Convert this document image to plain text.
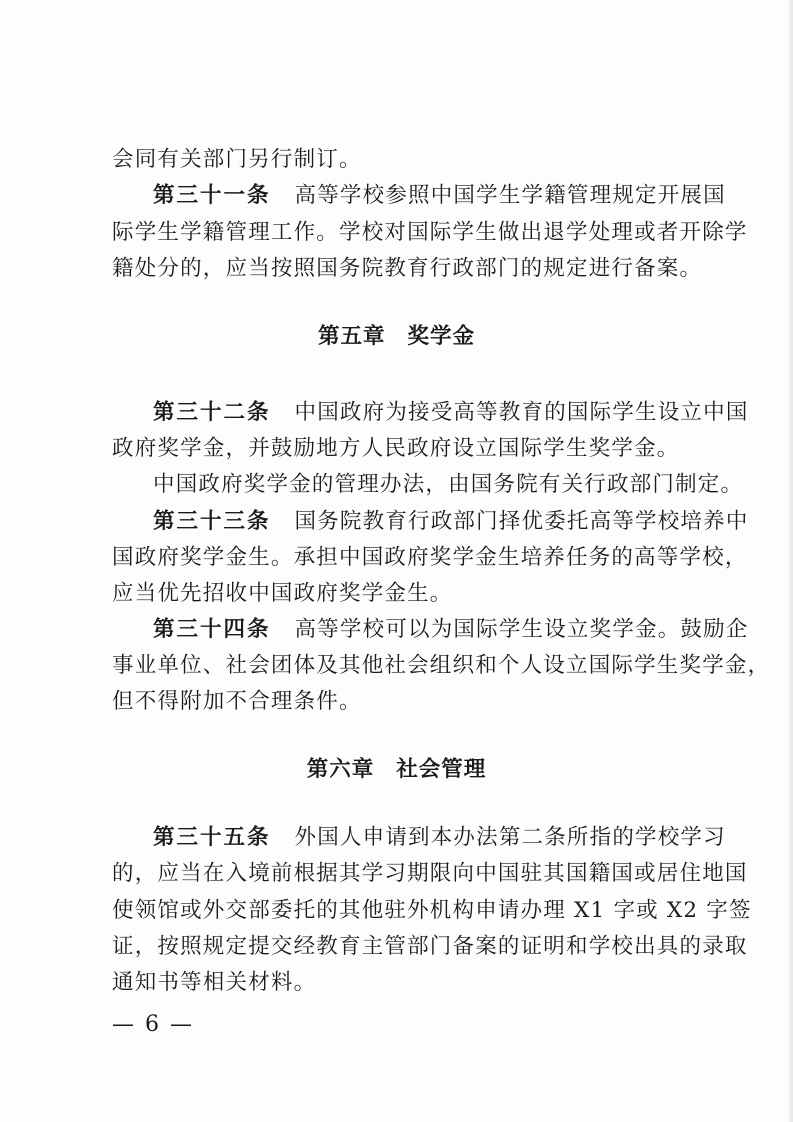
会同有关部门另行制订。
第三十一条 高等学校参照中国学生学籍管理规定开展国
际学生学籍管理工作。学校对国际学生做出退学处理或者开除学
籍处分的，应当按照国务院教育行政部门的规定进行备案。
第五章 奖学金
第三十二条 中国政府为接受高等教育的国际学生设立中国
政府奖学金，并鼓励地方人民政府设立国际学生奖学金。
中国政府奖学金的管理办法，由国务院有关行政部门制定。
第三十三条 国务院教育行政部门择优委托高等学校培养中
国政府奖学金生。承担中国政府奖学金生培养任务的高等学校，
应当优先招收中国政府奖学金生。
第三十四条 高等学校可以为国际学生设立奖学金。鼓励企
事业单位、社会团体及其他社会组织和个人设立国际学生奖学金，
但不得附加不合理条件。
第六章 社会管理
第三十五条 外国人申请到本办法第二条所指的学校学习
的，应当在入境前根据其学习期限向中国驻其国籍国或居住地国
使领馆或外交部委托的其他驻外机构申请办理 X1 字或 X2 字签
证，按照规定提交经教育主管部门备案的证明和学校出具的录取
通知书等相关材料。
— 6 —
